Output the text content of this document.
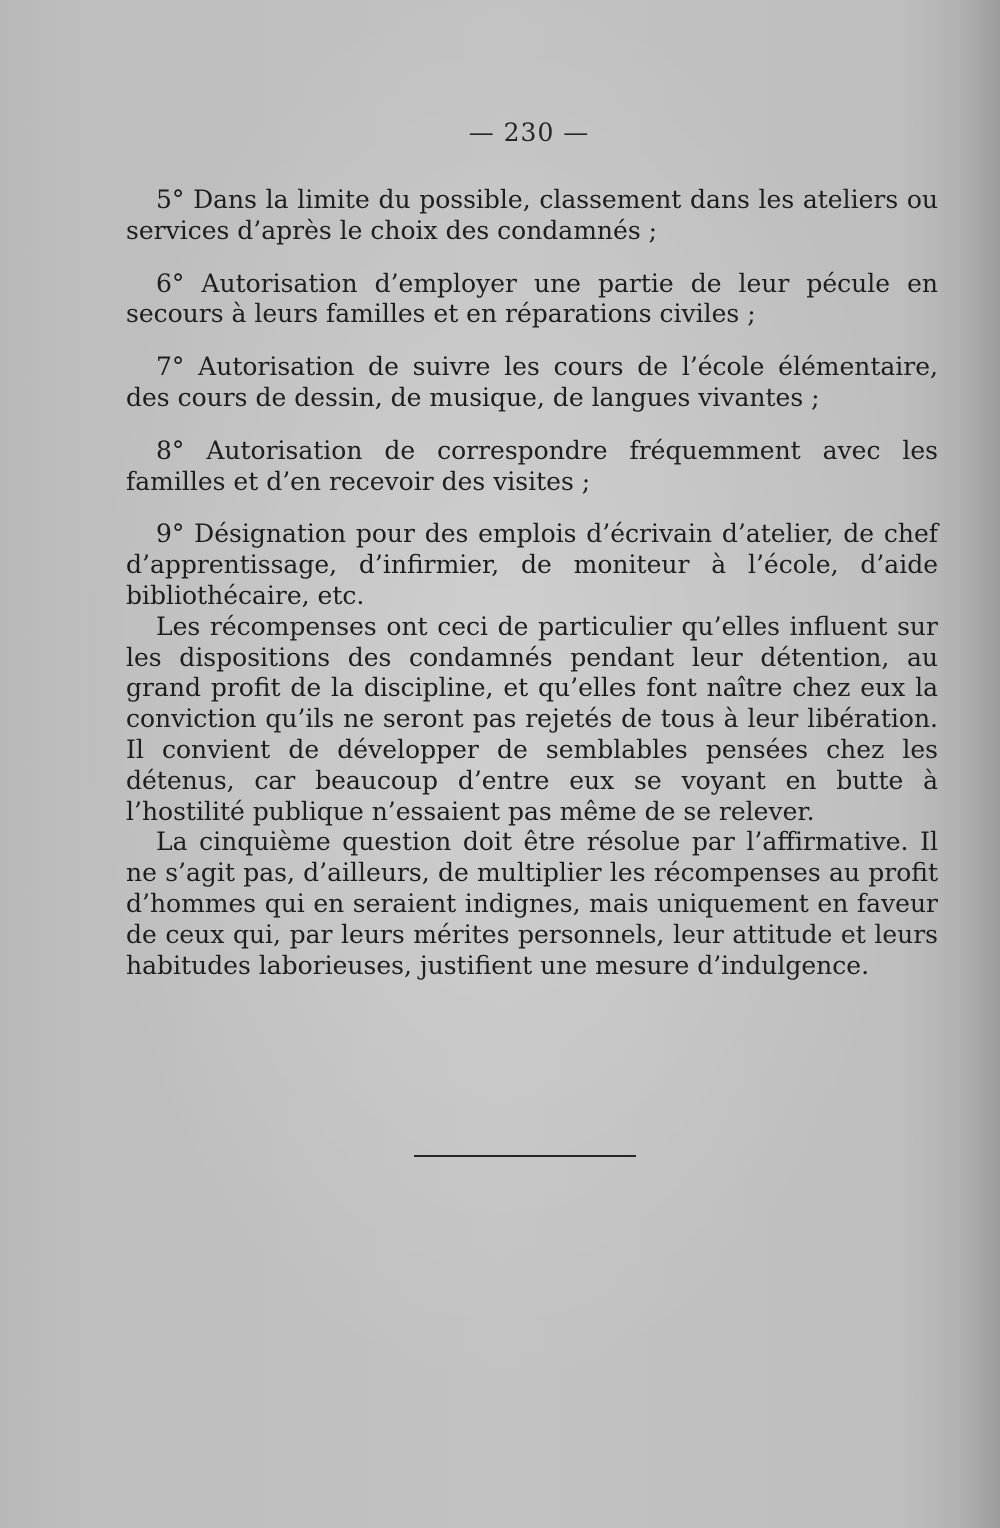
— 230 —

5° Dans la limite du possible, classement dans les ateliers ou services d’après le choix des condamnés ;

6° Autorisation d’employer une partie de leur pécule en secours à leurs familles et en réparations civiles ;

7° Autorisation de suivre les cours de l’école élémentaire, des cours de dessin, de musique, de langues vivantes ;

8° Autorisation de correspondre fréquemment avec les familles et d’en recevoir des visites ;

9° Désignation pour des emplois d’écrivain d’atelier, de chef d’apprentissage, d’infirmier, de moniteur à l’école, d’aide bibliothécaire, etc.

Les récompenses ont ceci de particulier qu’elles influent sur les dispositions des condamnés pendant leur détention, au grand profit de la discipline, et qu’elles font naître chez eux la conviction qu’ils ne seront pas rejetés de tous à leur libération. Il convient de développer de semblables pensées chez les détenus, car beaucoup d’entre eux se voyant en butte à l’hostilité publique n’essaient pas même de se relever.

La cinquième question doit être résolue par l’affirmative. Il ne s’agit pas, d’ailleurs, de multiplier les récompenses au profit d’hommes qui en seraient indignes, mais uniquement en faveur de ceux qui, par leurs mérites personnels, leur attitude et leurs habitudes laborieuses, justifient une mesure d’indulgence.
